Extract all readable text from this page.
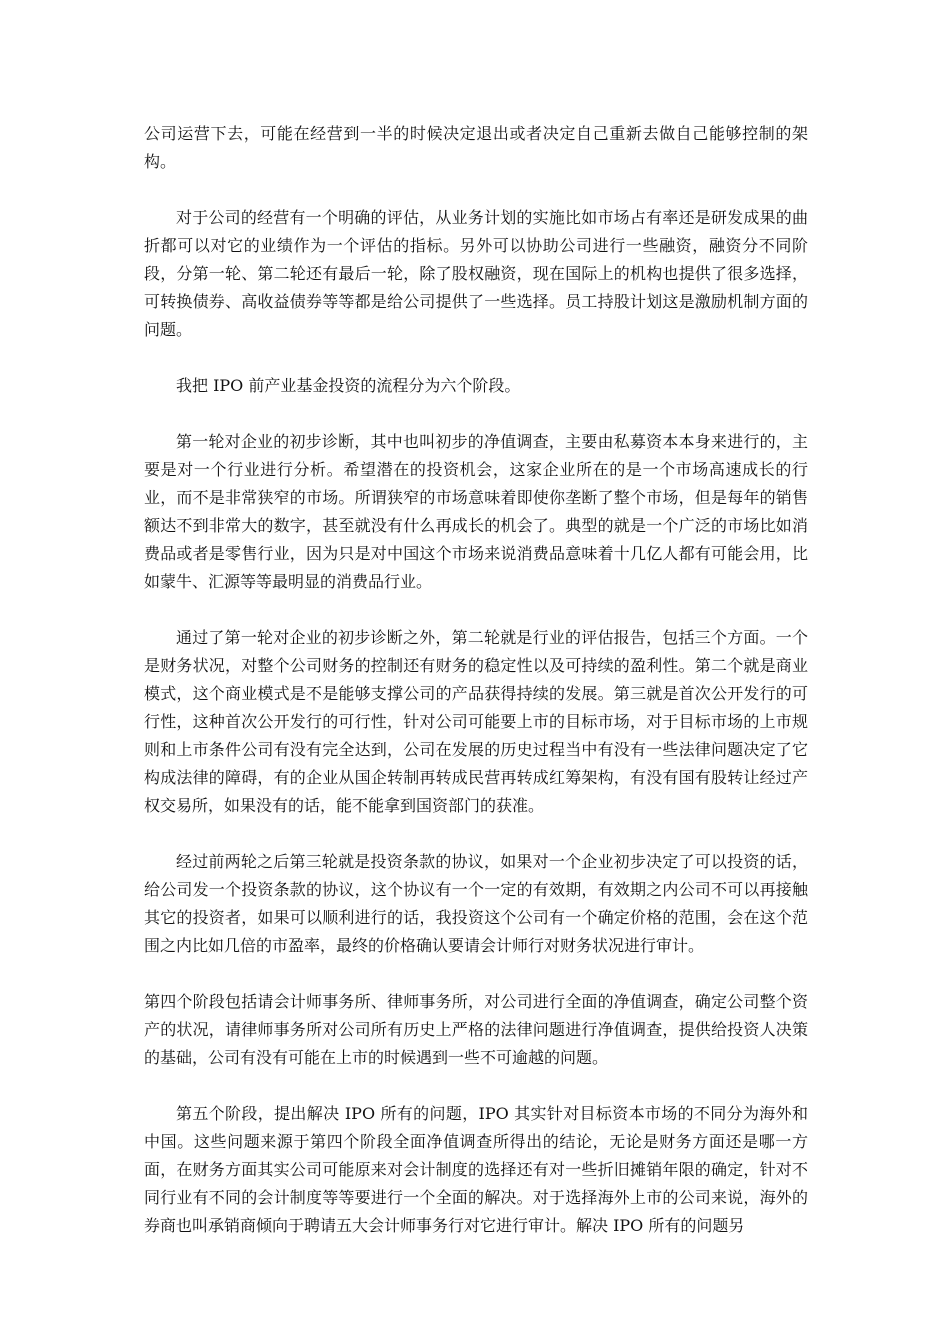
公司运营下去，可能在经营到一半的时候决定退出或者决定自己重新去做自己能够控制的架构。

对于公司的经营有一个明确的评估，从业务计划的实施比如市场占有率还是研发成果的曲折都可以对它的业绩作为一个评估的指标。另外可以协助公司进行一些融资，融资分不同阶段，分第一轮、第二轮还有最后一轮，除了股权融资，现在国际上的机构也提供了很多选择，可转换债券、高收益债券等等都是给公司提供了一些选择。员工持股计划这是激励机制方面的问题。

我把 IPO 前产业基金投资的流程分为六个阶段。

第一轮对企业的初步诊断，其中也叫初步的净值调查，主要由私募资本本身来进行的，主要是对一个行业进行分析。希望潜在的投资机会，这家企业所在的是一个市场高速成长的行业，而不是非常狭窄的市场。所谓狭窄的市场意味着即使你垄断了整个市场，但是每年的销售额达不到非常大的数字，甚至就没有什么再成长的机会了。典型的就是一个广泛的市场比如消费品或者是零售行业，因为只是对中国这个市场来说消费品意味着十几亿人都有可能会用，比如蒙牛、汇源等等最明显的消费品行业。

通过了第一轮对企业的初步诊断之外，第二轮就是行业的评估报告，包括三个方面。一个是财务状况，对整个公司财务的控制还有财务的稳定性以及可持续的盈利性。第二个就是商业模式，这个商业模式是不是能够支撑公司的产品获得持续的发展。第三就是首次公开发行的可行性，这种首次公开发行的可行性，针对公司可能要上市的目标市场，对于目标市场的上市规则和上市条件公司有没有完全达到，公司在发展的历史过程当中有没有一些法律问题决定了它构成法律的障碍，有的企业从国企转制再转成民营再转成红筹架构，有没有国有股转让经过产权交易所，如果没有的话，能不能拿到国资部门的获准。

经过前两轮之后第三轮就是投资条款的协议，如果对一个企业初步决定了可以投资的话，给公司发一个投资条款的协议，这个协议有一个一定的有效期，有效期之内公司不可以再接触其它的投资者，如果可以顺利进行的话，我投资这个公司有一个确定价格的范围，会在这个范围之内比如几倍的市盈率，最终的价格确认要请会计师行对财务状况进行审计。

第四个阶段包括请会计师事务所、律师事务所，对公司进行全面的净值调查，确定公司整个资产的状况，请律师事务所对公司所有历史上严格的法律问题进行净值调查，提供给投资人决策的基础，公司有没有可能在上市的时候遇到一些不可逾越的问题。

第五个阶段，提出解决 IPO 所有的问题，IPO 其实针对目标资本市场的不同分为海外和中国。这些问题来源于第四个阶段全面净值调查所得出的结论，无论是财务方面还是哪一方面，在财务方面其实公司可能原来对会计制度的选择还有对一些折旧摊销年限的确定，针对不同行业有不同的会计制度等等要进行一个全面的解决。对于选择海外上市的公司来说，海外的券商也叫承销商倾向于聘请五大会计师事务行对它进行审计。解决 IPO 所有的问题另
